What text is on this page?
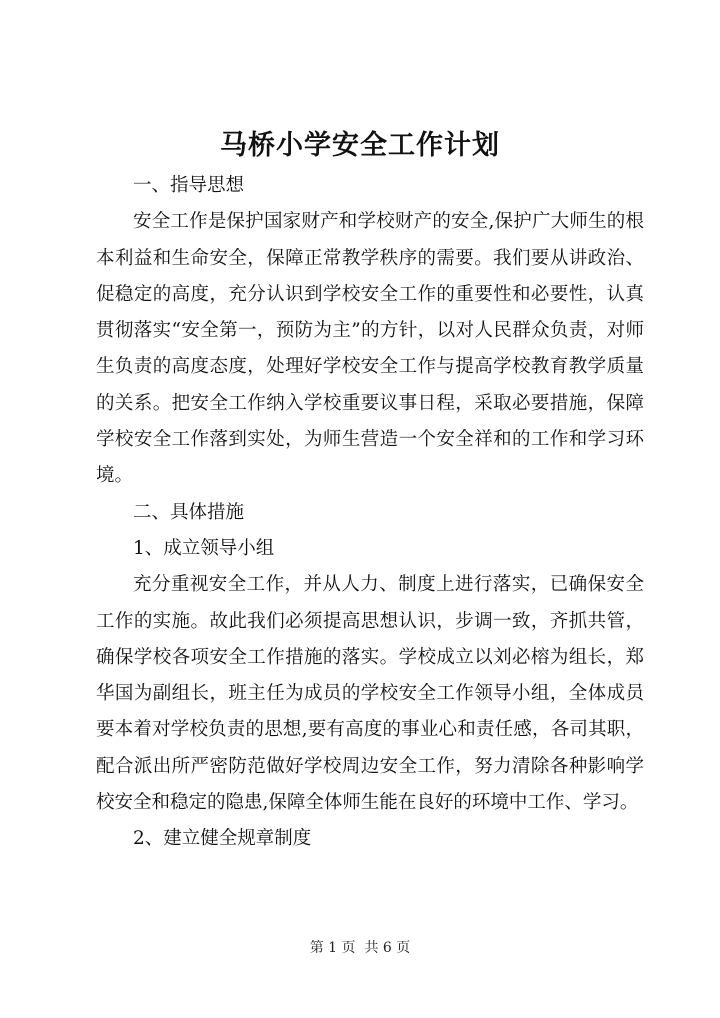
马桥小学安全工作计划

一、指导思想

安全工作是保护国家财产和学校财产的安全,保护广大师生的根本利益和生命安全，保障正常教学秩序的需要。我们要从讲政治、促稳定的高度，充分认识到学校安全工作的重要性和必要性，认真贯彻落实“安全第一，预防为主”的方针，以对人民群众负责，对师生负责的高度态度，处理好学校安全工作与提高学校教育教学质量的关系。把安全工作纳入学校重要议事日程，采取必要措施，保障学校安全工作落到实处，为师生营造一个安全祥和的工作和学习环境。

二、具体措施

1、成立领导小组

充分重视安全工作，并从人力、制度上进行落实，已确保安全工作的实施。故此我们必须提高思想认识，步调一致，齐抓共管，确保学校各项安全工作措施的落实。学校成立以刘必榕为组长，郑华国为副组长，班主任为成员的学校安全工作领导小组，全体成员要本着对学校负责的思想,要有高度的事业心和责任感，各司其职，配合派出所严密防范做好学校周边安全工作，努力清除各种影响学校安全和稳定的隐患,保障全体师生能在良好的环境中工作、学习。

2、建立健全规章制度

第 1 页  共 6 页
